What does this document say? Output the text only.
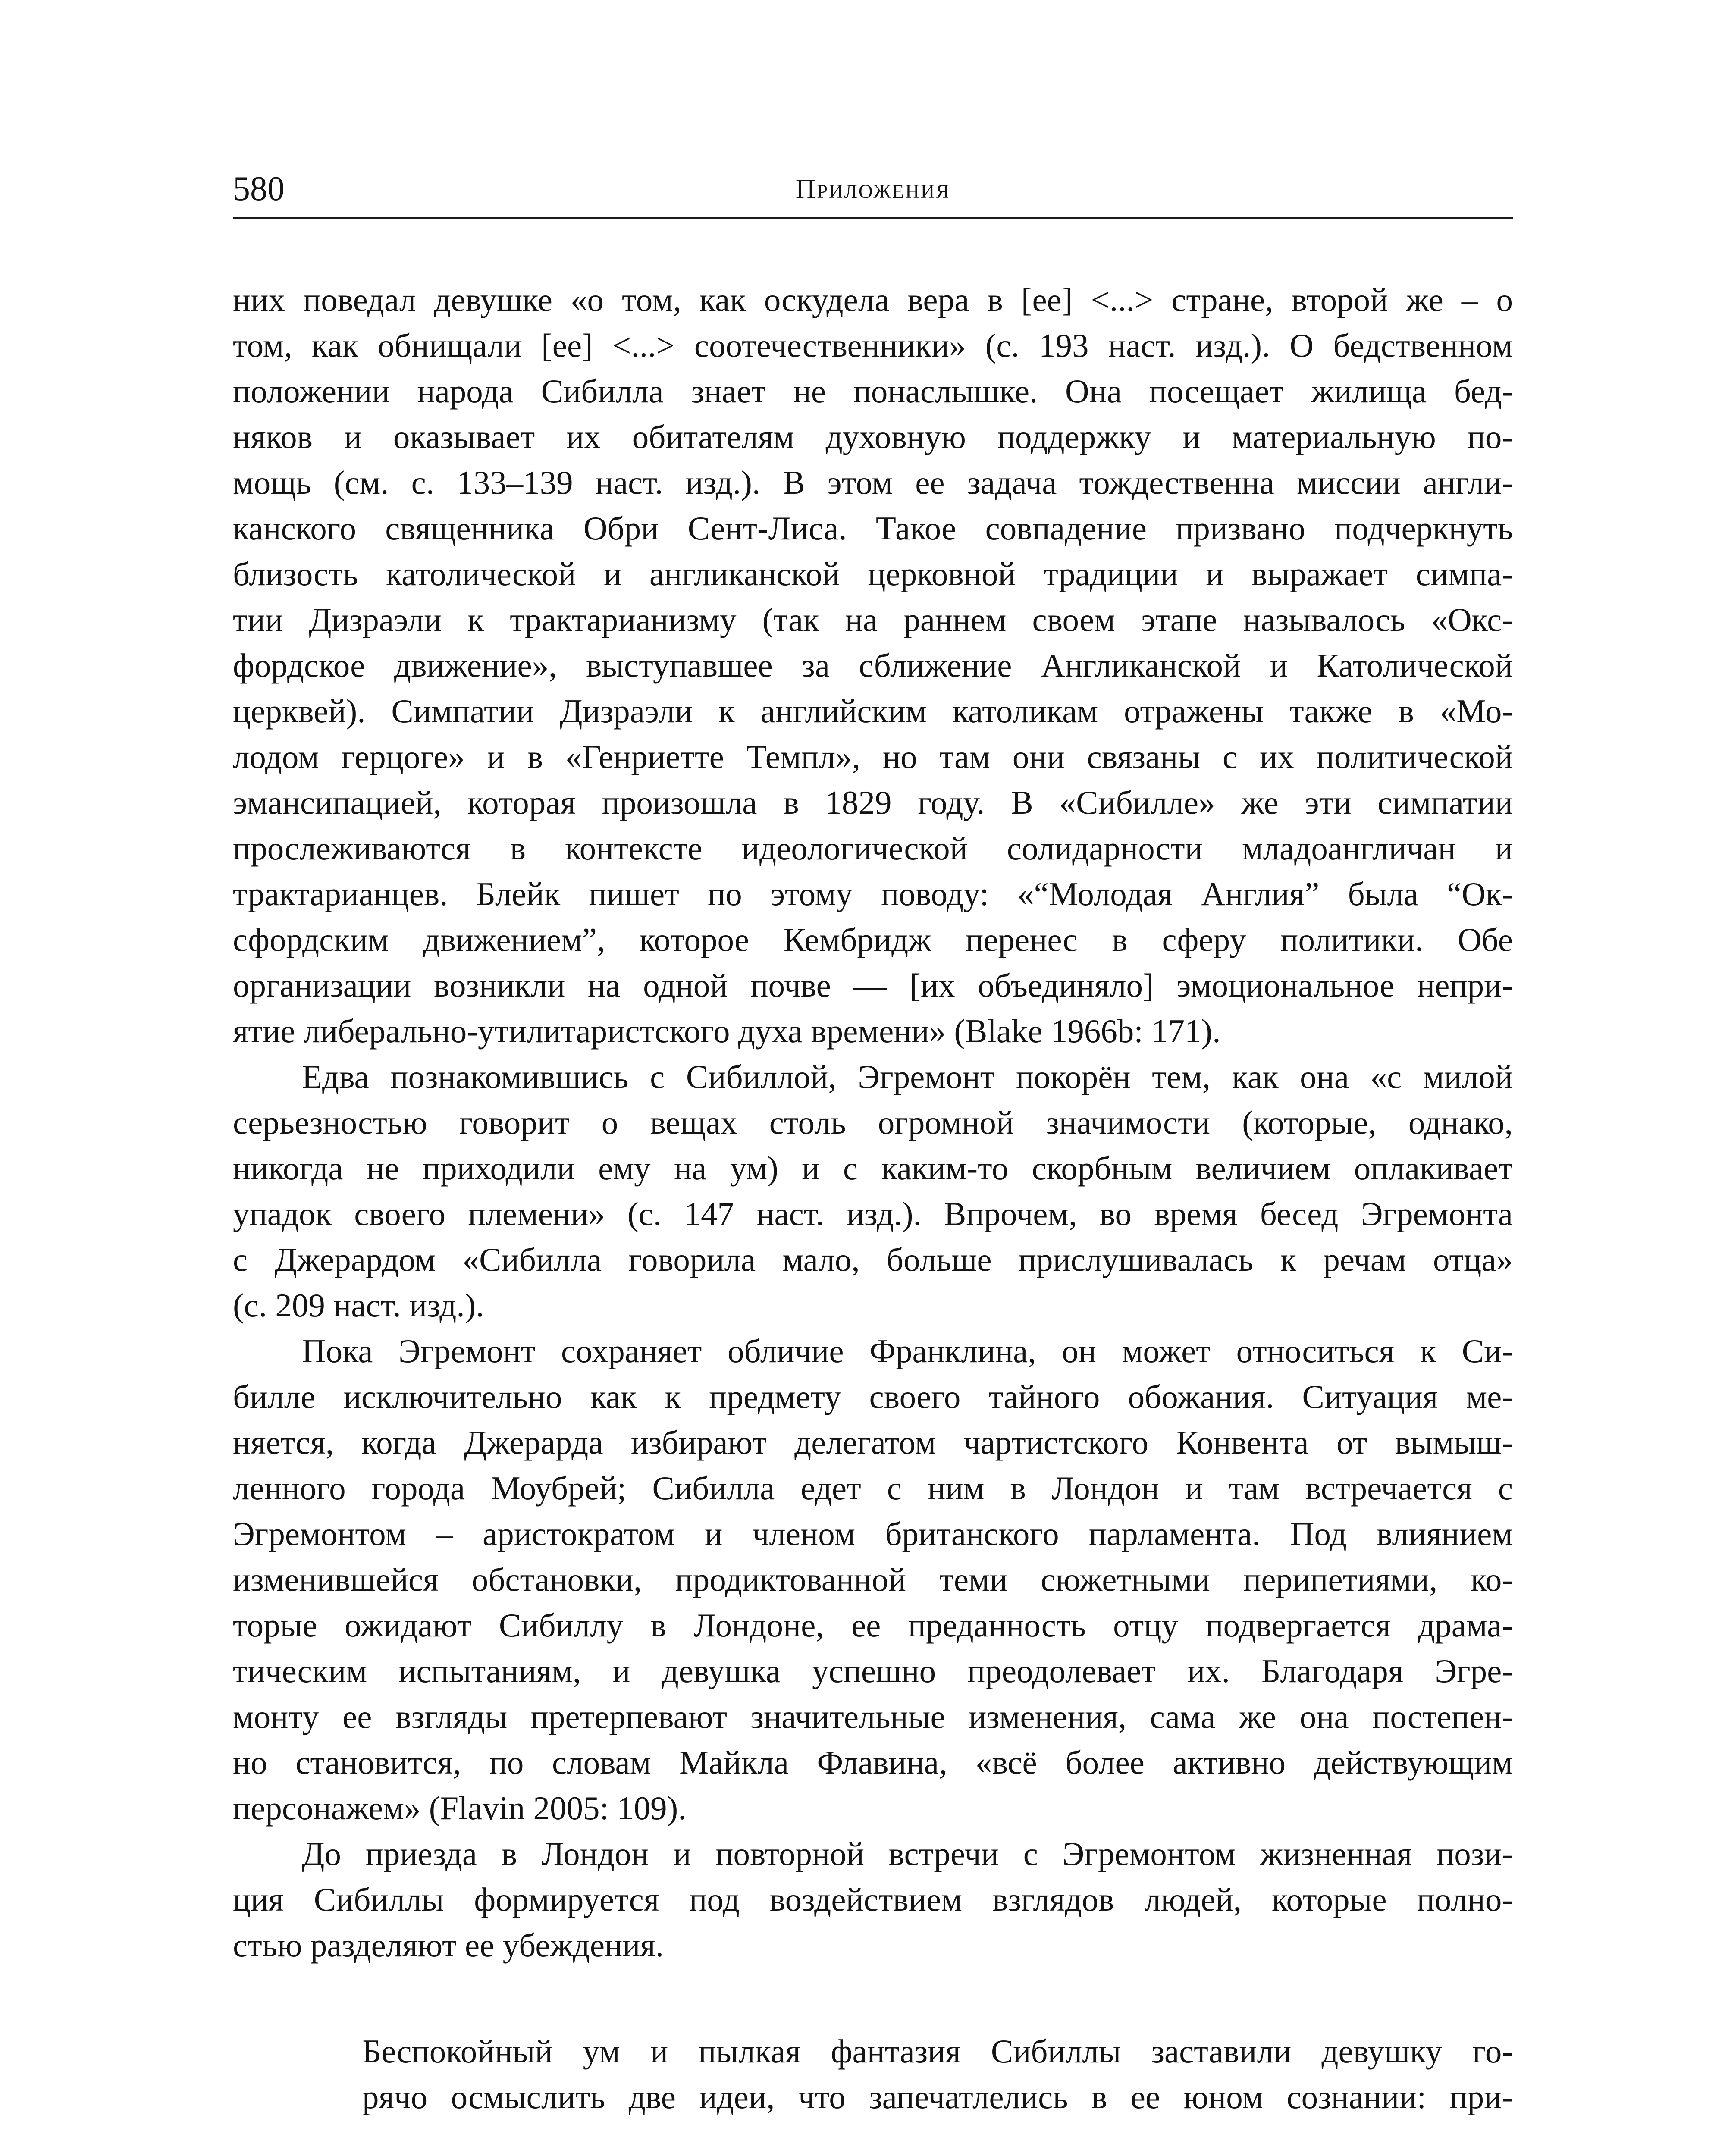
580	Приложения
них поведал девушке «о том, как оскудела вера в [ее] <...> стране, второй же – о
том, как обнищали [ее] <...> соотечественники» (с. 193 наст. изд.). О бедственном
положении народа Сибилла знает не понаслышке. Она посещает жилища бед-
няков и оказывает их обитателям духовную поддержку и материальную по-
мощь (см. с. 133–139 наст. изд.). В этом ее задача тождественна миссии англи-
канского священника Обри Сент-Лиса. Такое совпадение призвано подчеркнуть
близость католической и англиканской церковной традиции и выражает симпа-
тии Дизраэли к трактарианизму (так на раннем своем этапе называлось «Окс-
фордское движение», выступавшее за сближение Англиканской и Католической
церквей). Симпатии Дизраэли к английским католикам отражены также в «Мо-
лодом герцоге» и в «Генриетте Темпл», но там они связаны с их политической
эмансипацией, которая произошла в 1829 году. В «Сибилле» же эти симпатии
прослеживаются в контексте идеологической солидарности младоангличан и
трактарианцев. Блейк пишет по этому поводу: «“Молодая Англия” была “Ок-
сфордским движением”, которое Кембридж перенес в сферу политики. Обе
организации возникли на одной почве — [их объединяло] эмоциональное непри-
ятие либерально-утилитаристского духа времени» (Blake 1966b: 171).
Едва познакомившись с Сибиллой, Эгремонт покорён тем, как она «с милой
серьезностью говорит о вещах столь огромной значимости (которые, однако,
никогда не приходили ему на ум) и с каким-то скорбным величием оплакивает
упадок своего племени» (с. 147 наст. изд.). Впрочем, во время бесед Эгремонта
с Джерардом «Сибилла говорила мало, больше прислушивалась к речам отца»
(с. 209 наст. изд.).
Пока Эгремонт сохраняет обличие Франклина, он может относиться к Си-
билле исключительно как к предмету своего тайного обожания. Ситуация ме-
няется, когда Джерарда избирают делегатом чартистского Конвента от вымыш-
ленного города Моубрей; Сибилла едет с ним в Лондон и там встречается с
Эгремонтом – аристократом и членом британского парламента. Под влиянием
изменившейся обстановки, продиктованной теми сюжетными перипетиями, ко-
торые ожидают Сибиллу в Лондоне, ее преданность отцу подвергается драма-
тическим испытаниям, и девушка успешно преодолевает их. Благодаря Эгре-
монту ее взгляды претерпевают значительные изменения, сама же она постепен-
но становится, по словам Майкла Флавина, «всё более активно действующим
персонажем» (Flavin 2005: 109).
До приезда в Лондон и повторной встречи с Эгремонтом жизненная пози-
ция Сибиллы формируется под воздействием взглядов людей, которые полно-
стью разделяют ее убеждения.
Беспокойный ум и пылкая фантазия Сибиллы заставили девушку го-
рячо осмыслить две идеи, что запечатлелись в ее юном сознании: при-
